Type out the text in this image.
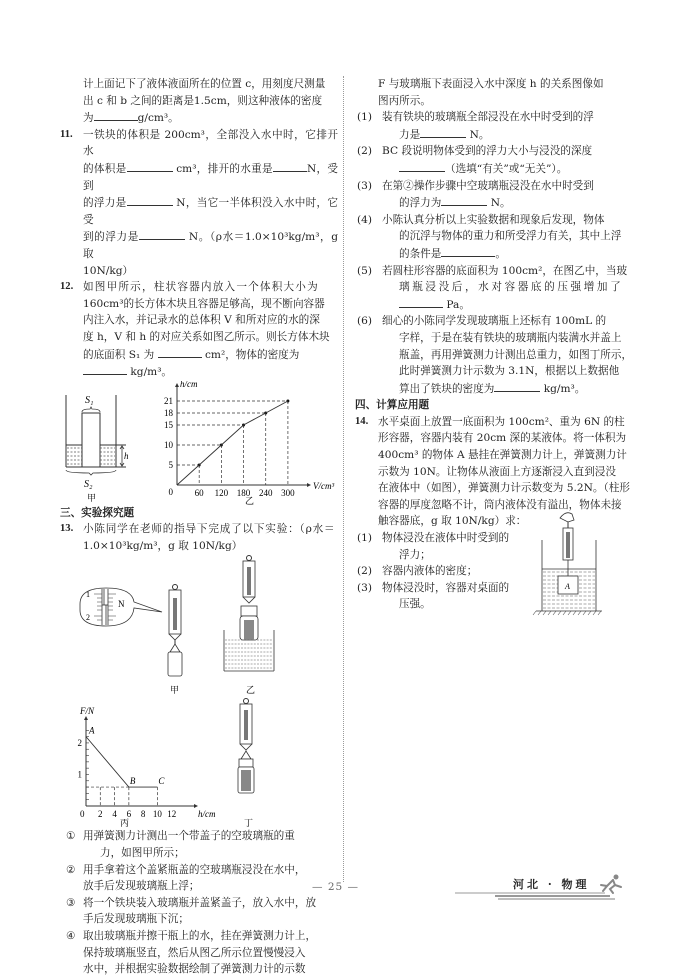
计上面记下了液体液面所在的位置 c，用刻度尺测量

出 c 和 b 之间的距离是1.5cm，则这种液体的密度

为	g/cm³。

11. 一铁块的体积是 200cm³，全部没入水中时，它排开水

的体积是	cm³，排开的水重是	N，受到

的浮力是	N，当它一半体积没入水中时，它受

到的浮力是	N。（ρ水＝1.0×10³kg/m³，g 取

10N/kg）

12. 如图甲所示，柱状容器内放入一个体积大小为

160cm³的长方体木块且容器足够高，现不断向容器

内注入水，并记录水的总体积 V 和所对应的水的深

度 h，V 和 h 的对应关系如图乙所示。则长方体木块

的底面积 S₁ 为	cm²，物体的密度为

kg/m³。

S₁
S₂
h
甲	60 120 180 240 300
5
10
15
18
21
0
V/cm³
h/cm
乙
三、实验探究题
13. 小陈同学在老师的指导下完成了以下实验：（ρ水＝

1.0×10³kg/m³，g 取 10N/kg）

1
2
N
甲	乙
A
B	C
2 4 6 8 10 12
1
2
0	h/cm
F/N
丙	丁
① 用弹簧测力计测出一个带盖子的空玻璃瓶的重

力，如图甲所示；

② 用手拿着这个盖紧瓶盖的空玻璃瓶浸没在水中，

放手后发现玻璃瓶上浮；

③ 将一个铁块装入玻璃瓶并盖紧盖子，放入水中，放

手后发现玻璃瓶下沉；

④ 取出玻璃瓶并擦干瓶上的水，挂在弹簧测力计上，

保持玻璃瓶竖直，然后从图乙所示位置慢慢浸入

水中，并根据实验数据绘制了弹簧测力计的示数

F 与玻璃瓶下表面浸入水中深度 h 的关系图像如

图丙所示。

(1) 装有铁块的玻璃瓶全部浸没在水中时受到的浮

力是	N。

(2) BC 段说明物体受到的浮力大小与浸没的深度

（选填“有关”或“无关”）。

(3) 在第②操作步骤中空玻璃瓶浸没在水中时受到

的浮力为	N。

(4) 小陈认真分析以上实验数据和现象后发现，物体

的沉浮与物体的重力和所受浮力有关，其中上浮

的条件是	。

(5) 若圆柱形容器的底面积为 100cm²，在图乙中，当玻

璃瓶浸没后，水对容器底的压强增加了

Pa。

(6) 细心的小陈同学发现玻璃瓶上还标有 100mL 的

字样，于是在装有铁块的玻璃瓶内装满水并盖上

瓶盖，再用弹簧测力计测出总重力，如图丁所示，

此时弹簧测力计示数为 3.1N，根据以上数据他

算出了铁块的密度为	kg/m³。

四、计算应用题
14. 水平桌面上放置一底面积为 100cm²、重为 6N 的柱

形容器，容器内装有 20cm 深的某液体。将一体积为

400cm³ 的物体 A 悬挂在弹簧测力计上，弹簧测力计

示数为 10N。让物体从液面上方逐渐浸入直到浸没

在液体中（如图），弹簧测力计示数变为 5.2N。（柱形

容器的厚度忽略不计，筒内液体没有溢出，物体未接

触容器底，g 取 10N/kg）求：

(1) 物体浸没在液体中时受到的

浮力；

(2) 容器内液体的密度；

(3) 物体浸没时，容器对桌面的

压强。

A
— 25 —	河北 · 物理
